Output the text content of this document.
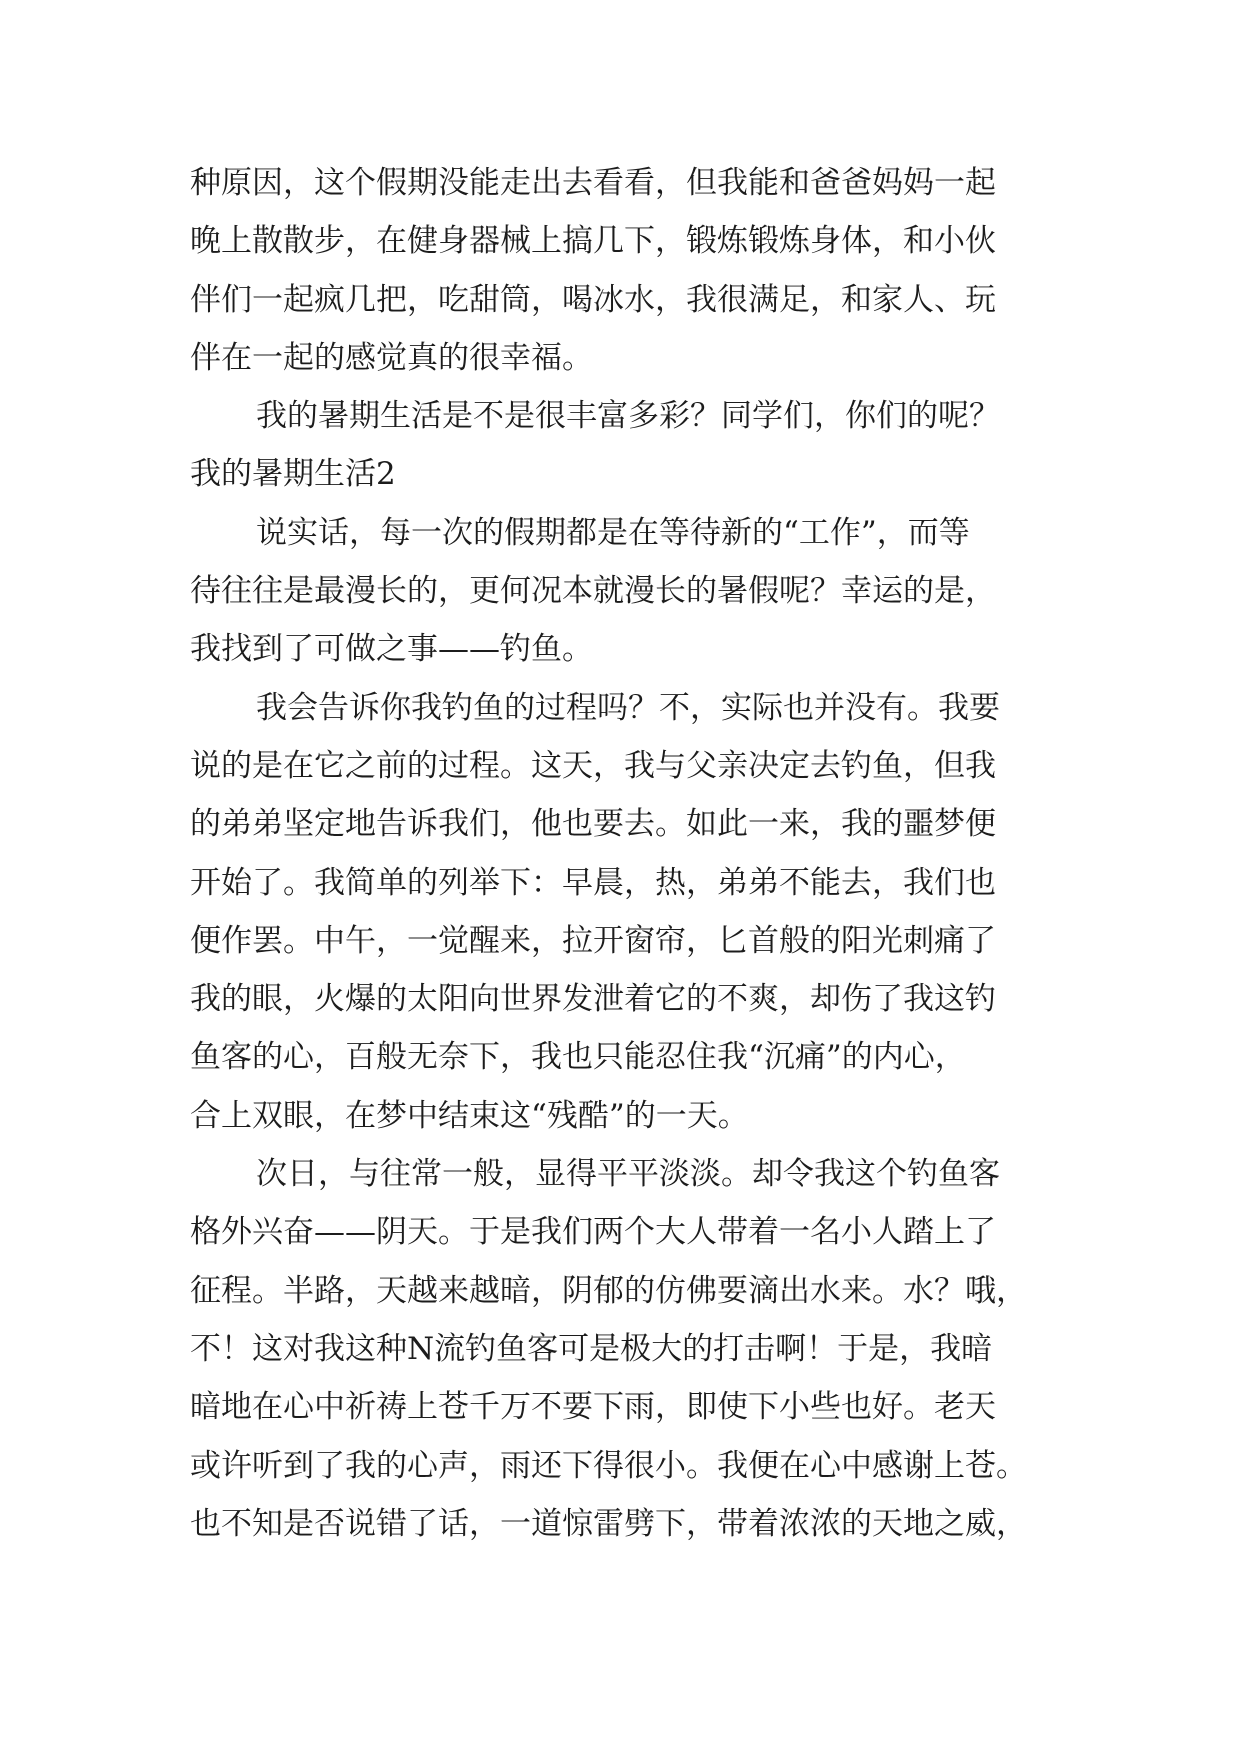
种原因，这个假期没能走出去看看，但我能和爸爸妈妈一起
晚上散散步，在健身器械上搞几下，锻炼锻炼身体，和小伙
伴们一起疯几把，吃甜筒，喝冰水，我很满足，和家人、玩
伴在一起的感觉真的很幸福。
我的暑期生活是不是很丰富多彩？同学们，你们的呢？
我的暑期生活2
说实话，每一次的假期都是在等待新的“工作”，而等
待往往是最漫长的，更何况本就漫长的暑假呢？幸运的是，
我找到了可做之事——钓鱼。
我会告诉你我钓鱼的过程吗？不，实际也并没有。我要
说的是在它之前的过程。这天，我与父亲决定去钓鱼，但我
的弟弟坚定地告诉我们，他也要去。如此一来，我的噩梦便
开始了。我简单的列举下：早晨，热，弟弟不能去，我们也
便作罢。中午，一觉醒来，拉开窗帘，匕首般的阳光刺痛了
我的眼，火爆的太阳向世界发泄着它的不爽，却伤了我这钓
鱼客的心，百般无奈下，我也只能忍住我“沉痛”的内心，
合上双眼，在梦中结束这“残酷”的一天。
次日，与往常一般，显得平平淡淡。却令我这个钓鱼客
格外兴奋——阴天。于是我们两个大人带着一名小人踏上了
征程。半路，天越来越暗，阴郁的仿佛要滴出水来。水？哦，
不！这对我这种N流钓鱼客可是极大的打击啊！于是，我暗
暗地在心中祈祷上苍千万不要下雨，即使下小些也好。老天
或许听到了我的心声，雨还下得很小。我便在心中感谢上苍。
也不知是否说错了话，一道惊雷劈下，带着浓浓的天地之威，
